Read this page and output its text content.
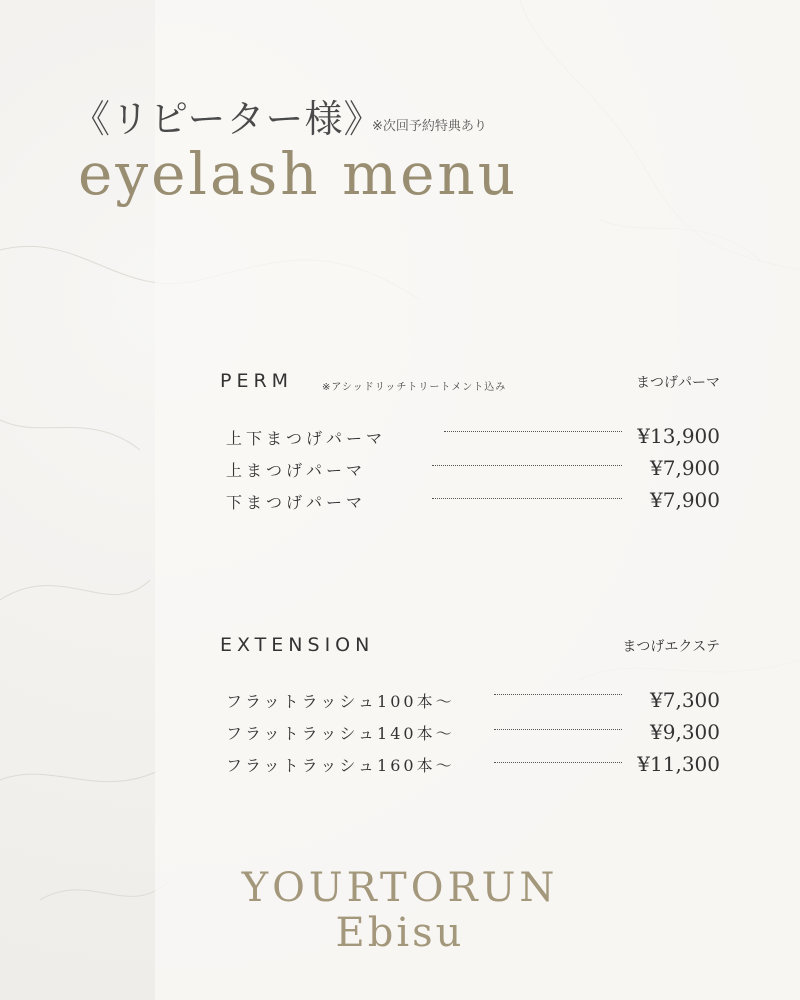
《リピーター様》
※次回予約特典あり
eyelash menu
PERM	※アシッドリッチトリートメント込み	まつげパーマ
上下まつげパーマ	¥13,900
上まつげパーマ	¥7,900
下まつげパーマ	¥7,900
EXTENSION	まつげエクステ
フラットラッシュ100本〜	¥7,300
フラットラッシュ140本〜	¥9,300
フラットラッシュ160本〜	¥11,300
YOURTORUN
Ebisu
